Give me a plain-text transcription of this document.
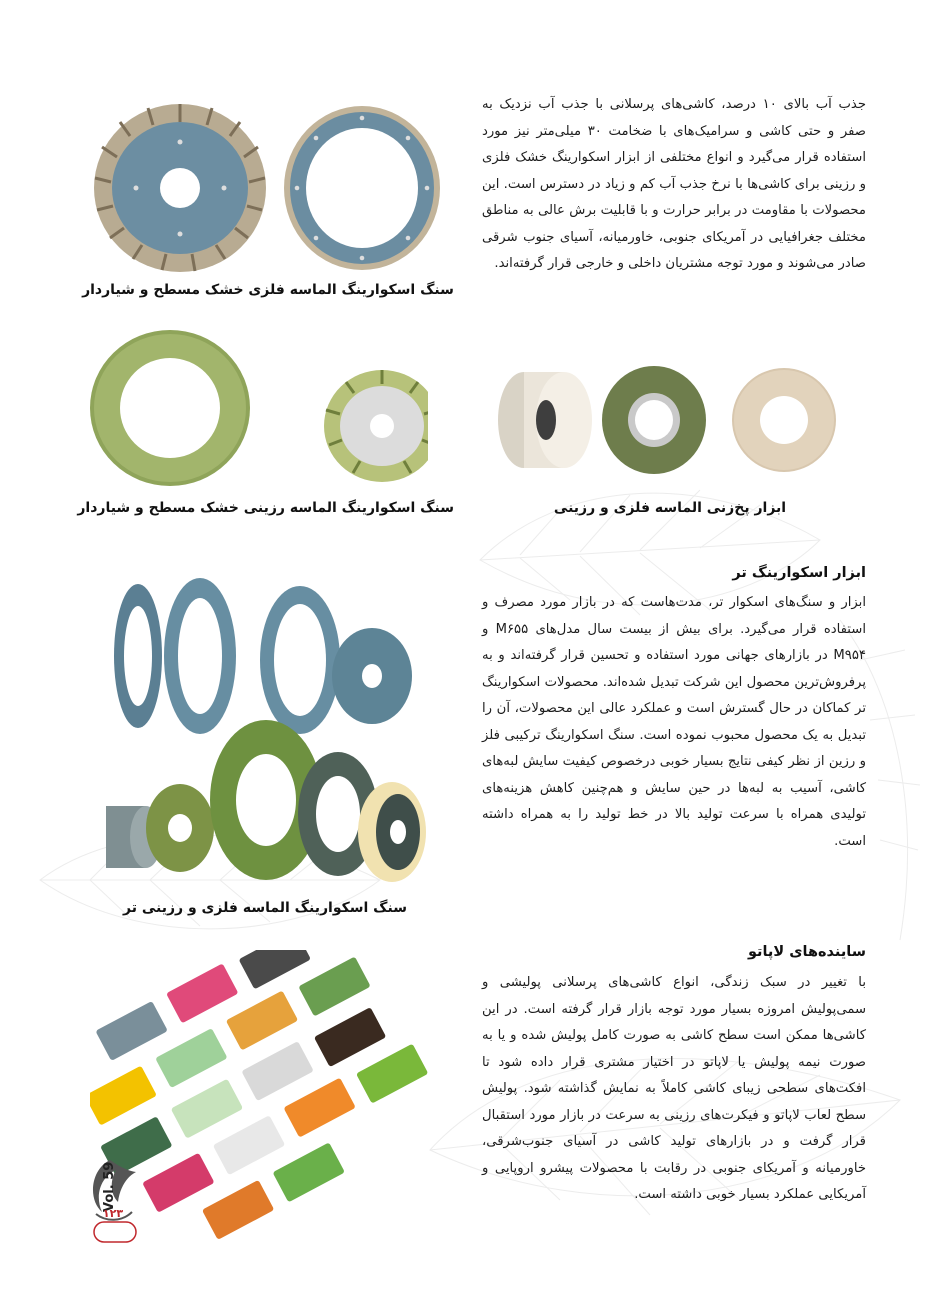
جذب آب بالای ۱۰ درصد، کاشی‌های پرسلانی با جذب آب نزدیک به صفر و حتی کاشی و سرامیک‌های با ضخامت ۳۰ میلی‌متر نیز مورد استفاده قرار می‌گیرد و انواع مختلفی از ابزار اسکوارینگ خشک فلزی و رزینی برای کاشی‌ها با نرخ جذب آب کم و زیاد در دسترس است. این محصولات با مقاومت در برابر حرارت و با قابلیت برش عالی به مناطق مختلف جغرافیایی در آمریکای جنوبی، خاورمیانه، آسیای جنوب شرقی صادر می‌شوند و مورد توجه مشتریان داخلی و خارجی قرار گرفته‌اند.

سنگ اسکوارینگ الماسه فلزی خشک مسطح و شیاردار

سنگ اسکوارینگ الماسه رزینی خشک مسطح و شیاردار	ابزار پخ‌زنی الماسه فلزی و رزینی

ابزار اسکوارینگ تر

ابزار و سنگ‌های اسکوار تر، مدت‌هاست که در بازار مورد مصرف و استفاده قرار می‌گیرد. برای بیش از بیست سال مدل‌های M۶۵۵ و M۹۵۴ در بازارهای جهانی مورد استفاده و تحسین قرار گرفته‌اند و به پرفروش‌ترین محصول این شرکت تبدیل شده‌اند. محصولات اسکوارینگ تر کماکان در حال گسترش است و عملکرد عالی این محصولات، آن را تبدیل به یک محصول محبوب نموده است. سنگ اسکوارینگ ترکیبی فلز و رزین از نظر کیفی نتایج بسیار خوبی درخصوص کیفیت سایش لبه‌های کاشی، آسیب به لبه‌ها در حین سایش و هم‌چنین کاهش هزینه‌های تولیدی همراه با سرعت تولید بالا در خط تولید را به همراه داشته است.

سنگ اسکوارینگ الماسه فلزی و رزینی تر

ساینده‌های لاپاتو

با تغییر در سبک زندگی، انواع کاشی‌های پرسلانی پولیشی و سمی‌پولیش امروزه بسیار مورد توجه بازار قرار گرفته است. در این کاشی‌ها ممکن است سطح کاشی به صورت کامل پولیش شده و یا به صورت نیمه پولیش یا لاپاتو در اختیار مشتری قرار داده شود تا افکت‌های سطحی زیبای کاشی کاملاً به نمایش گذاشته شود. پولیش سطح لعاب لاپاتو و فیکرت‌های رزینی به سرعت در بازار مورد استقبال قرار گرفت و در بازارهای تولید کاشی در آسیای جنوب‌شرقی، خاورمیانه و آمریکای جنوبی در رقابت با محصولات پیشرو اروپایی و آمریکایی عملکرد بسیار خوبی داشته است.

Vol. 59
۱۲۳
